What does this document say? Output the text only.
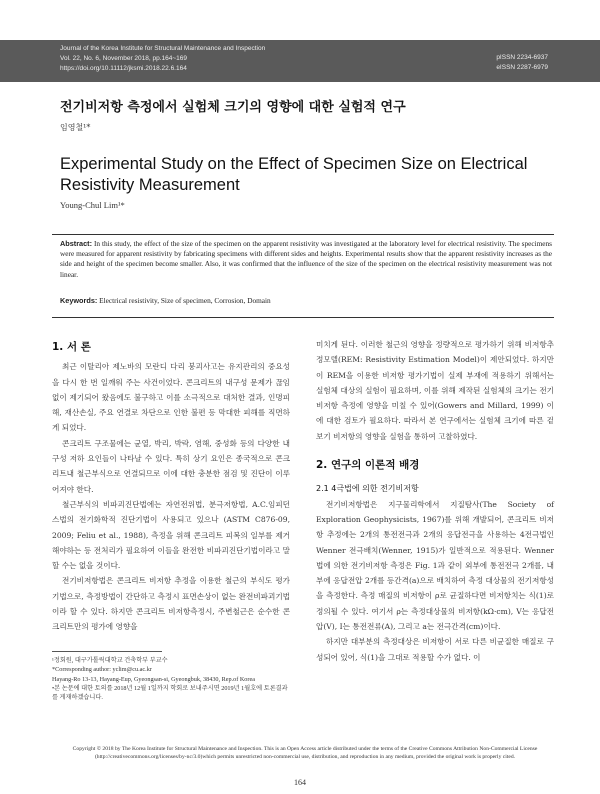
Journal of the Korea Institute for Structural Maintenance and Inspection
Vol. 22, No. 6, November 2018, pp.164~169
https://doi.org/10.11112/jksmi.2018.22.6.164
pISSN 2234-6937
eISSN 2287-6979
전기비저항 측정에서 실험체 크기의 영향에 대한 실험적 연구
임영철¹*
Experimental Study on the Effect of Specimen Size on Electrical Resistivity Measurement
Young-Chul Lim¹*
Abstract: In this study, the effect of the size of the specimen on the apparent resistivity was investigated at the laboratory level for electrical resistivity. The specimens were measured for apparent resistivity by fabricating specimens with different sides and heights. Experimental results show that the apparent resistivity increases as the side and height of the specimen become smaller. Also, it was confirmed that the influence of the size of the specimen on the electrical resistivity measurement was not linear.
Keywords: Electrical resistivity, Size of specimen, Corrosion, Domain
1. 서 론

최근 이탈리아 제노바의 모란디 다리 붕괴사고는 유지관리의 중요성을 다시 한 번 일깨워 주는 사건이었다. 콘크리트의 내구성 문제가 끊임없이 제기되어 왔음에도 불구하고 이를 소극적으로 대처한 결과, 인명피해, 재산손실, 주요 연결로 차단으로 인한 불편 등 막대한 피해를 직면하게 되었다.

콘크리트 구조물에는 균열, 박리, 박락, 염해, 중성화 등의 다양한 내구성 저하 요인들이 나타날 수 있다. 특히 상기 요인은 종국적으로 콘크리트내 철근부식으로 연결되므로 이에 대한 충분한 점검 및 진단이 이루어져야 한다.

철근부식의 비파괴진단법에는 자연전위법, 분극저항법, A.C.임피던스법의 전기화학적 진단기법이 사용되고 있으나 (ASTM C876-09, 2009; Feliu et al., 1988), 측정을 위해 콘크리트 피복의 일부를 제거해야하는 등 전처리가 필요하여 이들을 완전한 비파괴진단기법이라고 말할 수는 없을 것이다.

전기비저항법은 콘크리트 비저항 추정을 이용한 철근의 부식도 평가기법으로, 측정방법이 간단하고 측정시 표면손상이 없는 완전비파괴기법이라 할 수 있다. 하지만 콘크리트 비저항측정시, 주변철근은 순수한 콘크리트만의 평가에 영향을

미치게 된다. 이러한 철근의 영향을 정량적으로 평가하기 위해 비저항추정모델(REM: Resistivity Estimation Model)이 제안되었다. 하지만 이 REM을 이용한 비저항 평가기법이 실제 부재에 적용하기 위해서는 실험체 대상의 실험이 필요하며, 이를 위해 제작된 실험체의 크기는 전기비저항 측정에 영향을 미칠 수 있어(Gowers and Millard, 1999) 이에 대한 검토가 필요하다. 따라서 본 연구에서는 실험체 크기에 따른 겉보기 비저항의 영향을 실험을 통하여 고찰하였다.

2. 연구의 이론적 배경
2.1 4극법에 의한 전기비저항

전기비저항법은 지구물리학에서 지질탐사(The Society of Exploration Geophysicists, 1967)를 위해 개발되어, 콘크리트 비저항 추정에는 2개의 통전전극과 2개의 응답전극을 사용하는 4전극법인 Wenner 전극배치(Wenner, 1915)가 일반적으로 적용된다. Wenner법에 의한 전기비저항 측정은 Fig. 1과 같이 외부에 통전전극 2개를, 내부에 응답전압 2개를 등간격(a)으로 배치하여 측정 대상물의 전기저항성을 측정한다. 측정 매질의 비저항이 ρ로 균질하다면 비저항치는 식(1)로 정의될 수 있다. 여기서 ρ는 측정대상물의 비저항(kΩ·cm), V는 응답전압(V), I는 통전전류(A), 그리고 a는 전극간격(cm)이다.

하지만 대부분의 측정대상은 비저항이 서로 다른 비균질한 매질로 구성되어 있어, 식(1)을 그대로 적용할 수가 없다. 이

¹정회원, 대구가톨릭대학교 건축학부 부교수
*Corresponding author: yclim@cu.ac.kr
Hayang-Ro 13-13, Hayang-Eup, Gyeongsan-si, Gyeongbuk, 38430, Rep.of Korea
•본 논문에 대한 토의를 2018년 12월 1일까지 학회로 보내주시면 2019년 1월호에 토론결과를 게재하겠습니다.
Copyright © 2018 by The Korea Institute for Structural Maintenance and Inspection. This is an Open Access article distributed under the terms of the Creative Commons Attribution Non-Commercial License (http://creativecommons.org/licenses/by-nc/3.0)which permits unrestricted non-commercial use, distribution, and reproduction in any medium, provided the original work is properly cited.
164
